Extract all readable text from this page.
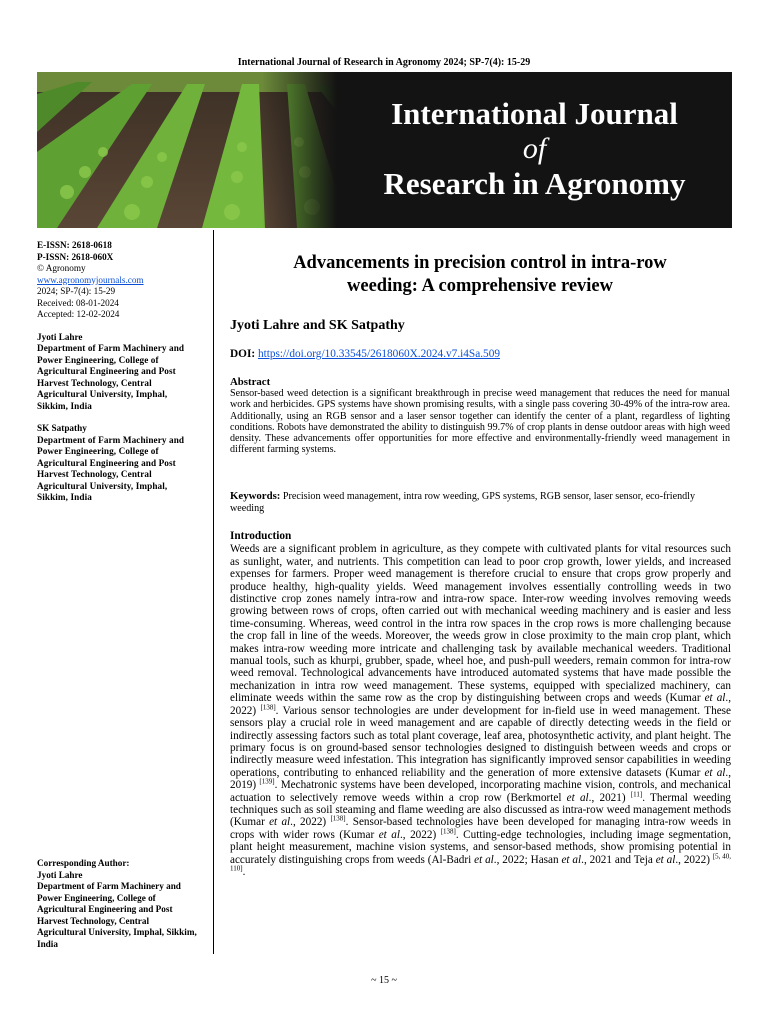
International Journal of Research in Agronomy 2024; SP-7(4): 15-29
International Journal
of
Research in Agronomy
E-ISSN: 2618-0618
P-ISSN: 2618-060X
© Agronomy
www.agronomyjournals.com
2024; SP-7(4): 15-29
Received: 08-01-2024
Accepted: 12-02-2024
Jyoti Lahre
Department of Farm Machinery and Power Engineering, College of Agricultural Engineering and Post Harvest Technology, Central Agricultural University, Imphal, Sikkim, India
SK Satpathy
Department of Farm Machinery and Power Engineering, College of Agricultural Engineering and Post Harvest Technology, Central Agricultural University, Imphal, Sikkim, India
Corresponding Author:
Jyoti Lahre
Department of Farm Machinery and Power Engineering, College of Agricultural Engineering and Post Harvest Technology, Central Agricultural University, Imphal, Sikkim, India
Advancements in precision control in intra-row weeding: A comprehensive review
Jyoti Lahre and SK Satpathy
DOI: https://doi.org/10.33545/2618060X.2024.v7.i4Sa.509
Abstract
Sensor-based weed detection is a significant breakthrough in precise weed management that reduces the need for manual work and herbicides. GPS systems have shown promising results, with a single pass covering 30-49% of the intra-row area. Additionally, using an RGB sensor and a laser sensor together can identify the center of a plant, regardless of lighting conditions. Robots have demonstrated the ability to distinguish 99.7% of crop plants in dense outdoor areas with high weed density. These advancements offer opportunities for more effective and environmentally-friendly weed management in different farming systems.
Keywords: Precision weed management, intra row weeding, GPS systems, RGB sensor, laser sensor, eco-friendly weeding
Introduction
Weeds are a significant problem in agriculture, as they compete with cultivated plants for vital resources such as sunlight, water, and nutrients. This competition can lead to poor crop growth, lower yields, and increased expenses for farmers. Proper weed management is therefore crucial to ensure that crops grow properly and produce healthy, high-quality yields. Weed management involves essentially controlling weeds in two distinctive crop zones namely intra-row and intra-row space. Inter-row weeding involves removing weeds growing between rows of crops, often carried out with mechanical weeding machinery and is easier and less time-consuming. Whereas, weed control in the intra row spaces in the crop rows is more challenging because the crop fall in line of the weeds. Moreover, the weeds grow in close proximity to the main crop plant, which makes intra-row weeding more intricate and challenging task by available mechanical weeders. Traditional manual tools, such as khurpi, grubber, spade, wheel hoe, and push-pull weeders, remain common for intra-row weed removal. Technological advancements have introduced automated systems that have made possible the mechanization in intra row weed management. These systems, equipped with specialized machinery, can eliminate weeds within the same row as the crop by distinguishing between crops and weeds (Kumar et al., 2022) [138]. Various sensor technologies are under development for in-field use in weed management. These sensors play a crucial role in weed management and are capable of directly detecting weeds in the field or indirectly assessing factors such as total plant coverage, leaf area, photosynthetic activity, and plant height. The primary focus is on ground-based sensor technologies designed to distinguish between weeds and crops or indirectly measure weed infestation. This integration has significantly improved sensor capabilities in weeding operations, contributing to enhanced reliability and the generation of more extensive datasets (Kumar et al., 2019) [139]. Mechatronic systems have been developed, incorporating machine vision, controls, and mechanical actuation to selectively remove weeds within a crop row (Berkmortel et al., 2021) [11]. Thermal weeding techniques such as soil steaming and flame weeding are also discussed as intra-row weed management methods (Kumar et al., 2022) [138]. Sensor-based technologies have been developed for managing intra-row weeds in crops with wider rows (Kumar et al., 2022) [138]. Cutting-edge technologies, including image segmentation, plant height measurement, machine vision systems, and sensor-based methods, show promising potential in accurately distinguishing crops from weeds (Al-Badri et al., 2022; Hasan et al., 2021 and Teja et al., 2022) [5, 40, 110].
~ 15 ~
